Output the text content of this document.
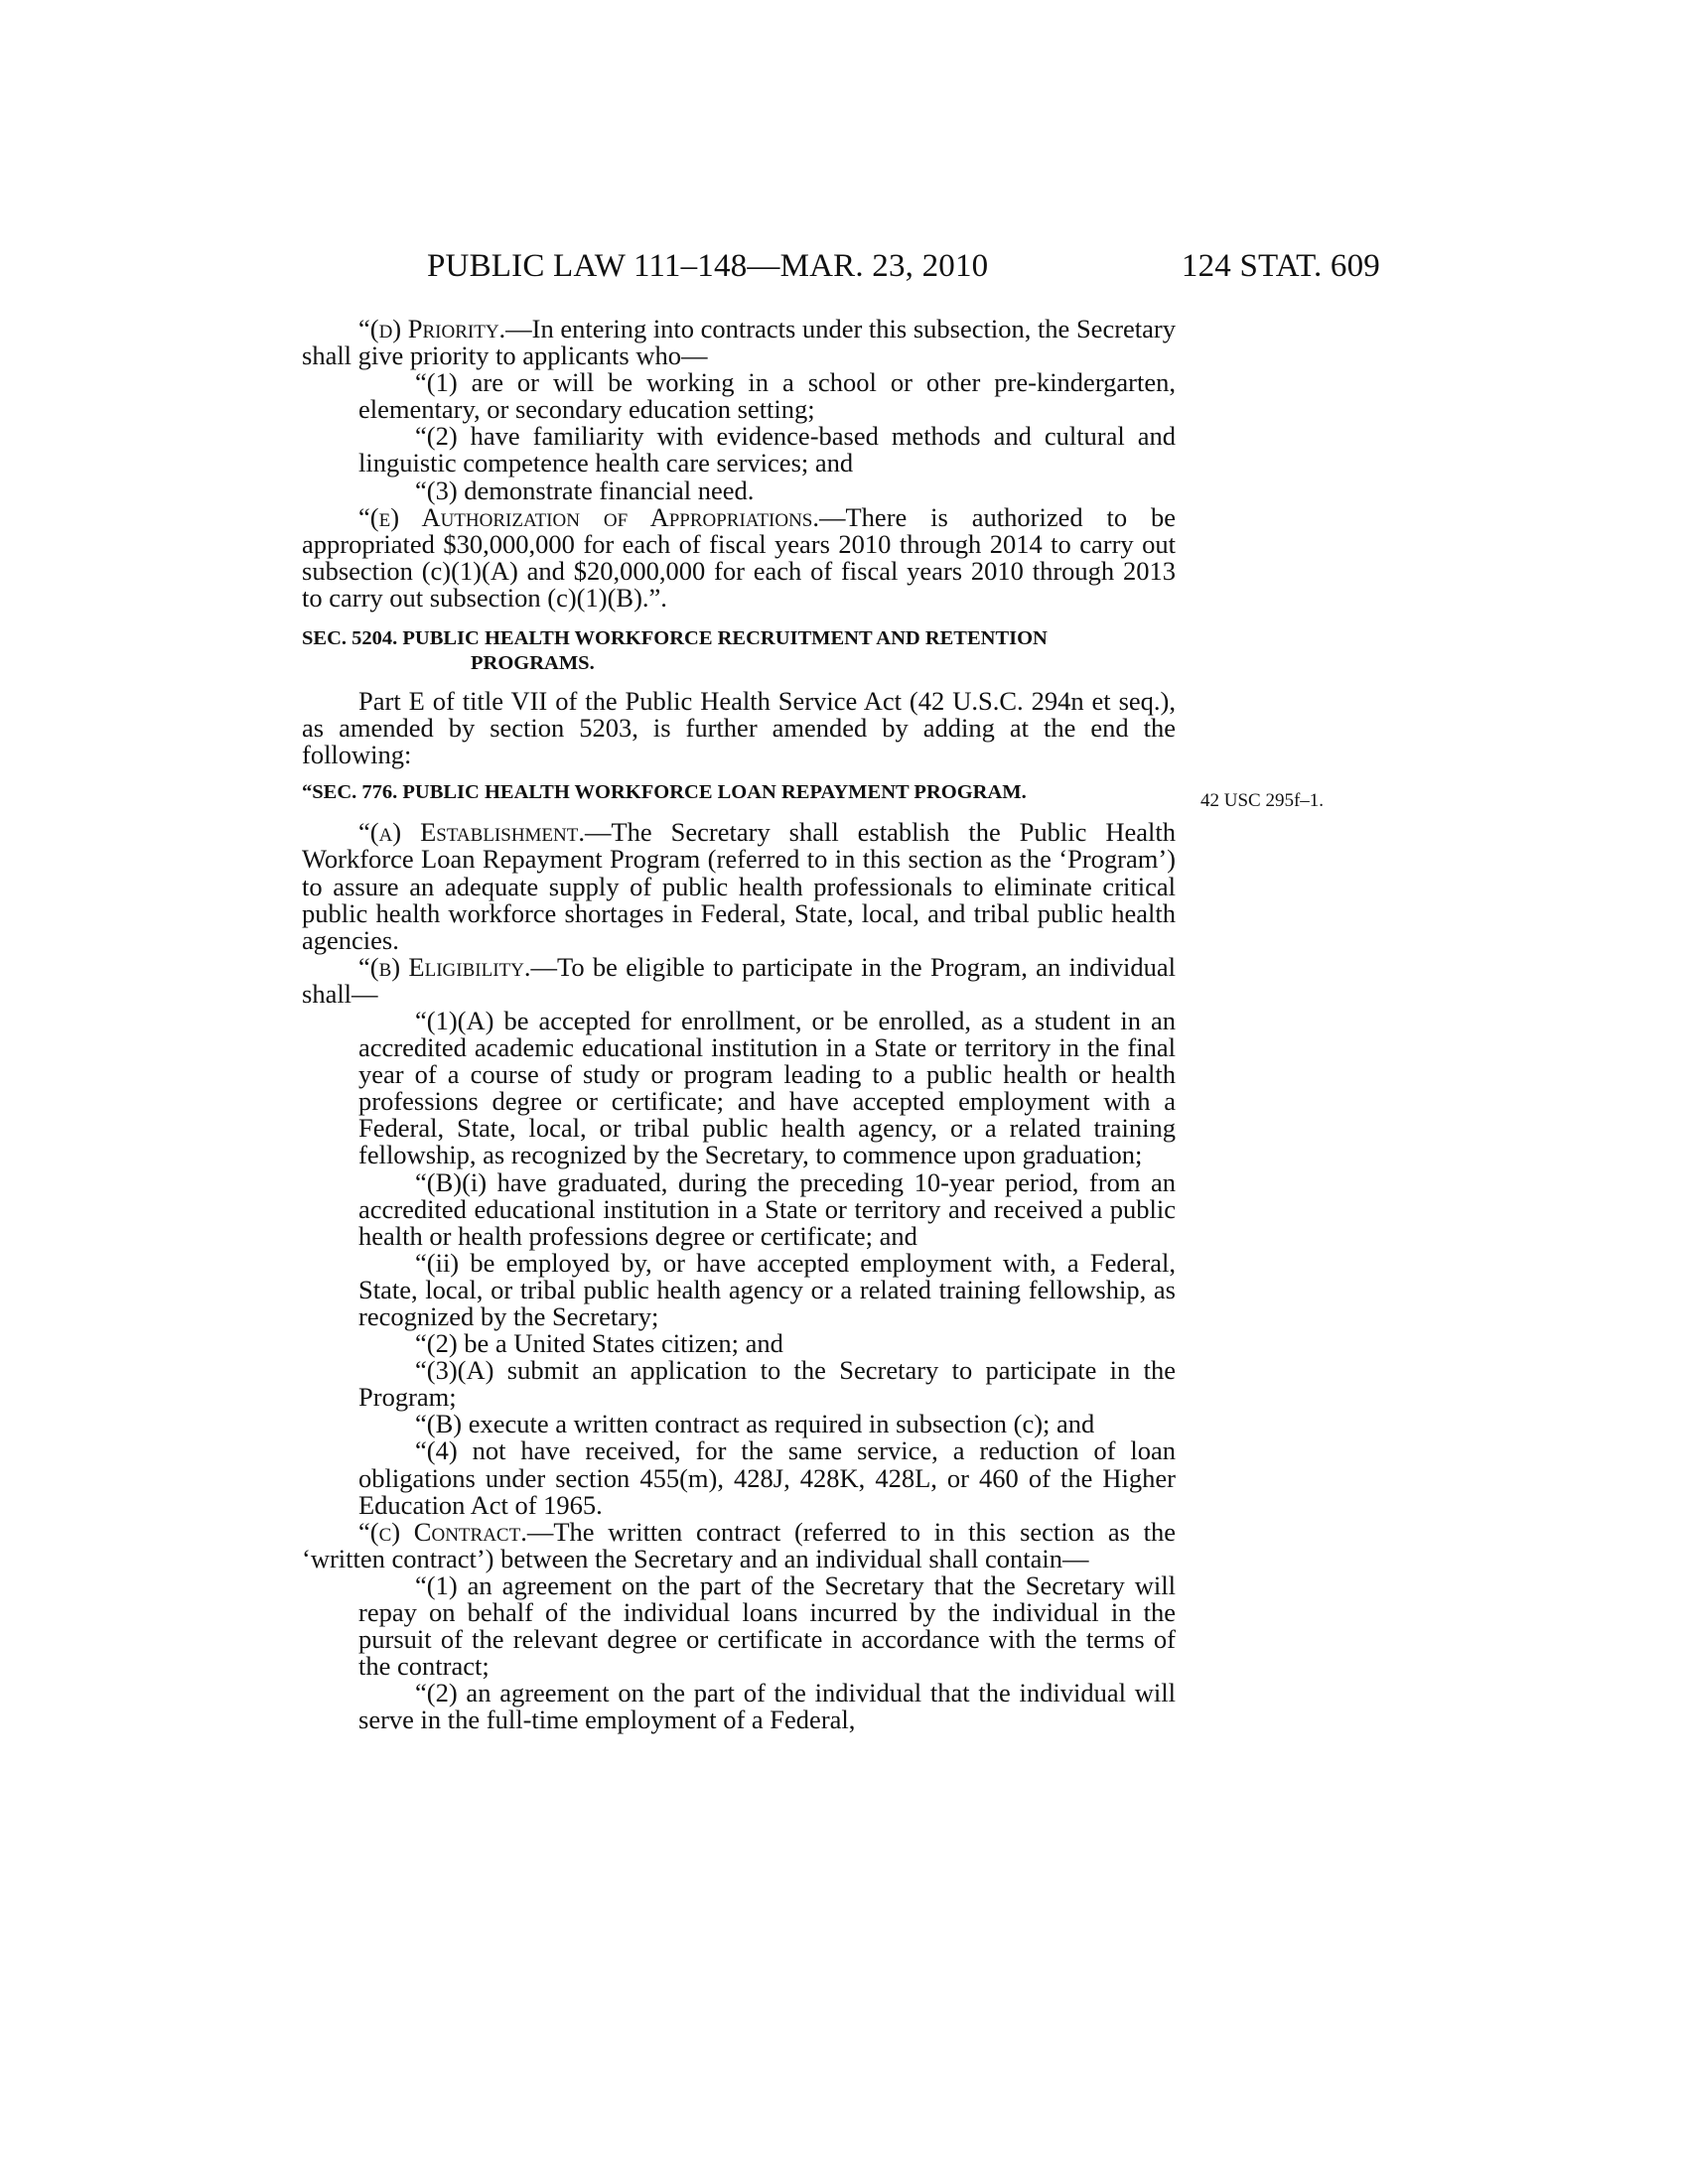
PUBLIC LAW 111–148—MAR. 23, 2010	124 STAT. 609
42 USC 295f–1.

“(d) Priority.—In entering into contracts under this subsection, the Secretary shall give priority to applicants who—

“(1) are or will be working in a school or other pre-kindergarten, elementary, or secondary education setting;

“(2) have familiarity with evidence-based methods and cultural and linguistic competence health care services; and

“(3) demonstrate financial need.

“(e) Authorization of Appropriations.—There is authorized to be appropriated $30,000,000 for each of fiscal years 2010 through 2014 to carry out subsection (c)(1)(A) and $20,000,000 for each of fiscal years 2010 through 2013 to carry out subsection (c)(1)(B).”.

SEC. 5204. PUBLIC HEALTH WORKFORCE RECRUITMENT AND RETENTION PROGRAMS.

Part E of title VII of the Public Health Service Act (42 U.S.C. 294n et seq.), as amended by section 5203, is further amended by adding at the end the following:

“SEC. 776. PUBLIC HEALTH WORKFORCE LOAN REPAYMENT PROGRAM.

“(a) Establishment.—The Secretary shall establish the Public Health Workforce Loan Repayment Program (referred to in this section as the ‘Program’) to assure an adequate supply of public health professionals to eliminate critical public health workforce shortages in Federal, State, local, and tribal public health agencies.

“(b) Eligibility.—To be eligible to participate in the Program, an individual shall—

“(1)(A) be accepted for enrollment, or be enrolled, as a student in an accredited academic educational institution in a State or territory in the final year of a course of study or program leading to a public health or health professions degree or certificate; and have accepted employment with a Federal, State, local, or tribal public health agency, or a related training fellowship, as recognized by the Secretary, to commence upon graduation;

“(B)(i) have graduated, during the preceding 10-year period, from an accredited educational institution in a State or territory and received a public health or health professions degree or certificate; and

“(ii) be employed by, or have accepted employment with, a Federal, State, local, or tribal public health agency or a related training fellowship, as recognized by the Secretary;

“(2) be a United States citizen; and

“(3)(A) submit an application to the Secretary to participate in the Program;

“(B) execute a written contract as required in subsection (c); and

“(4) not have received, for the same service, a reduction of loan obligations under section 455(m), 428J, 428K, 428L, or 460 of the Higher Education Act of 1965.

“(c) Contract.—The written contract (referred to in this section as the ‘written contract’) between the Secretary and an individual shall contain—

“(1) an agreement on the part of the Secretary that the Secretary will repay on behalf of the individual loans incurred by the individual in the pursuit of the relevant degree or certificate in accordance with the terms of the contract;

“(2) an agreement on the part of the individual that the individual will serve in the full-time employment of a Federal,
